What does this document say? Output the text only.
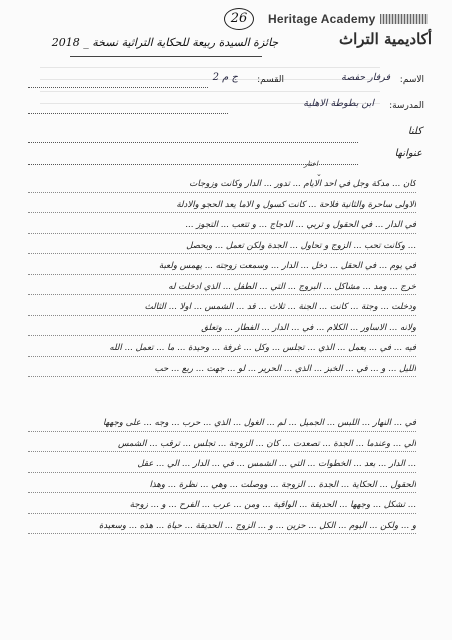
26	Heritage Academy
أكاديمية التراث
جائزة السيدة ربيعة للحكاية التراثية نسخة _ 2018
الاسم:
فرفار حفصة
القسم:
ج م 2
المدرسة:
ابن بطوطة الاهلية
كلنا
عنوانها
اختار
⌄
كان ... مدكة وجل في احد الايام ... تدور ... الدار وكانت وزوجات
الاولى ساحرة والثانية فلاحة ... كانت كسول و الاما يعد الحجو والادلة
في الدار ... في الحقول و تربي ... الدجاج ... و تتعب ... التجوز ...
... وكانت تحب ... الزوج و تحاول ... الجدة ولكن تعمل ... ويحصل
في يوم ... في الحقل ... دخل ... الدار ... وسمعت زوجته ... يهمس ولعبة
خرج ... ومد ... مشاكل ... البروج ... التي ... الطفل ... الذي ادخلت له
ودخلت ... وجتة ... كانت ... الجنة ... ثلاث ... قد ... الشمس ... اولا ... الثالث
ولانه ... الاساور ... الكلام ... في ... الدار ... الفطار ... وتعلق
فيه ... في ... يعمل ... الذي ... تجلس ... وكل ... غرفة ... وحيدة ... ما ... تعمل ... الله
الليل ... و ... في ... الخبز ... الذي ... الحرير ... لو ... جهت ... ربع ... حب
في ... النهار ... اللبس ... الجميل ... لم ... الغول ... الذي ... حرب ... وجه ... على وجهها
الي ... وعندما ... الجدة ... تصعدت ... كان ... الزوجة ... تجلس ... ترقب ... الشمس
... الدار ... بعد ... الخطوات ... التي ... الشمس ... في ... الدار ... الي ... عقل
الحقول ... الحكاية ... الجدة ... الزوجة ... ووصلت ... وهي ... نظرة ... وهذا
... تشكل ... وجهها ... الحديقة ... الواقية ... ومن ... عرب ... الفرح ... و ... زوجة
و ... ولكن ... اليوم ... الكل ... حزين ... و ... الزوج ... الحديقة ... حياة ... هذه ... وسعيدة
